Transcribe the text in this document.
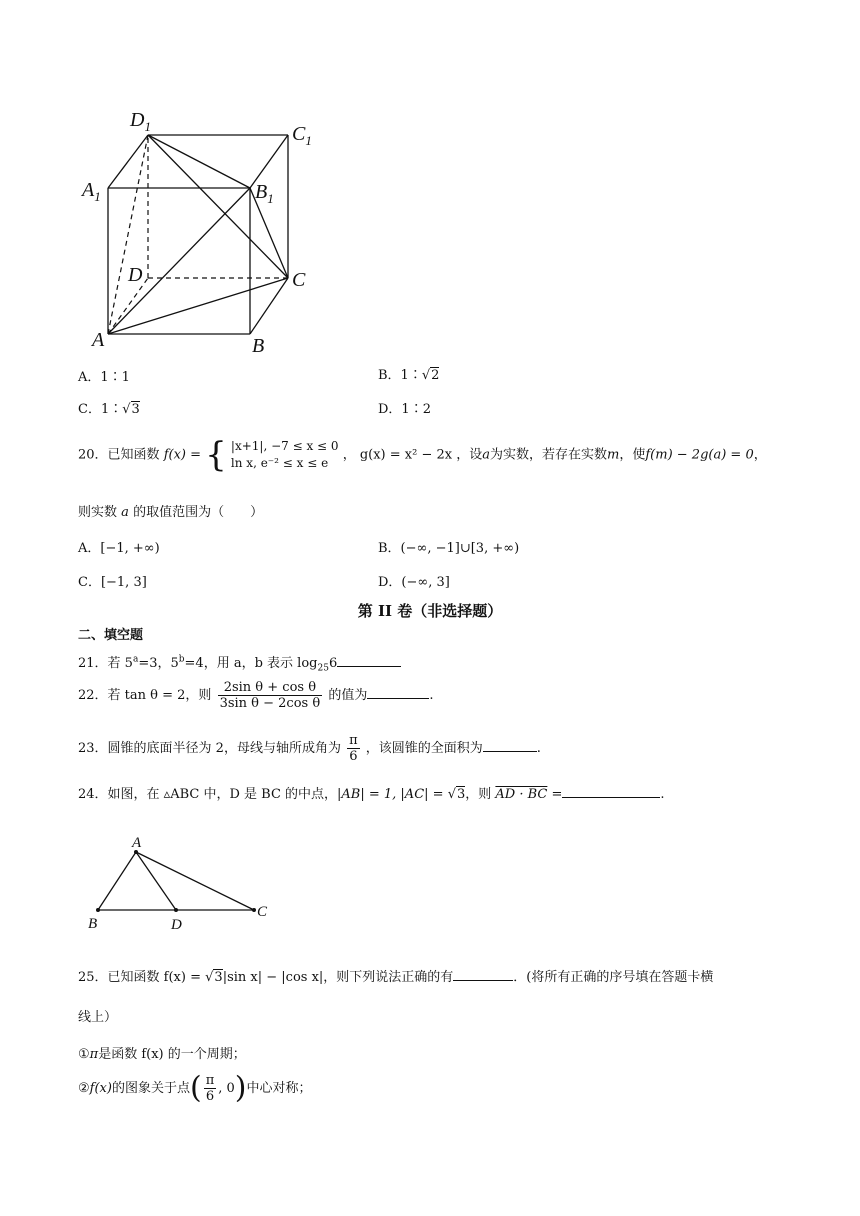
$D_1$	$C_1$
$A_1$	$B_1$
D	C
A	B
A．1∶1	B．1∶√2
C．1∶√3	D．1∶2
20．已知函数 f(x) = { |x+1|, −7 ≤ x ≤ 0
ln x, e⁻² ≤ x ≤ e
， g(x) = x² − 2x ，设a为实数，若存在实数m，使f(m) − 2g(a) = 0，
则实数 a 的取值范围为（　　）
A．[−1, +∞)	B．(−∞, −1]∪[3, +∞)
C．[−1, 3]	D．(−∞, 3]
第 II 卷（非选择题）
二、填空题
21．若 $5^a=3$，$5^b=4$，用 a，b 表示 $\log_{25}6$
22．若 tan θ = 2，则 $\frac{\text{2sin θ + cos θ}}{\text{3sin θ − 2cos θ}}$ 的值为	.
23．圆锥的底面半径为 2，母线与轴所成角为 $\frac{\pi}{6}$ ，该圆锥的全面积为	.
24．如图，在 ▵ABC 中，D 是 BC 的中点，|AB| = 1, |AC| = √3，则 AD · BC =	.
A
B
C
D
25．已知函数 f(x) = √3|sin x| − |cos x|，则下列说法正确的有	．(将所有正确的序号填在答题卡横
线上）
①π是函数 f(x) 的一个周期；
②f(x)的图象关于点( $\frac{\pi}{6}$ , 0)中心对称；
